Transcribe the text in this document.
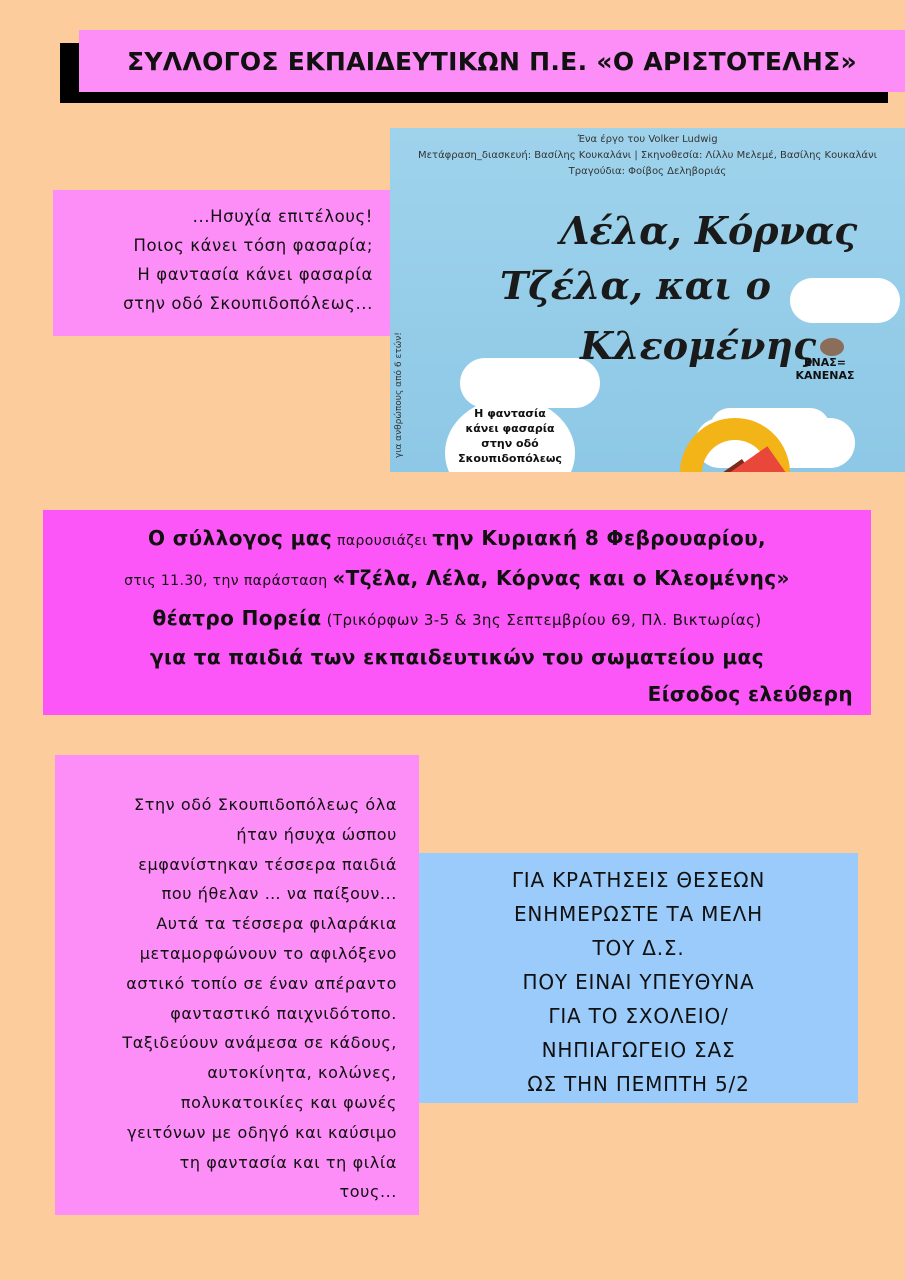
ΣΥΛΛΟΓΟΣ ΕΚΠΑΙΔΕΥΤΙΚΩΝ Π.Ε. «Ο ΑΡΙΣΤΟΤΕΛΗΣ»
...Ησυχία επιτέλους!
Ποιος κάνει τόση φασαρία;
Η φαντασία κάνει φασαρία
στην οδό Σκουπιδοπόλεως...
Ένα έργο του Volker Ludwig
Μετάφραση_διασκευή: Βασίλης Κουκαλάνι | Σκηνοθεσία: Λίλλυ Μελεμέ, Βασίλης Κουκαλάνι
Τραγούδια: Φοίβος Δεληβοριάς
Λέλα, Κόρνας
Τζέλα, και ο
Κλεομένης
ΕΝΑΣ= ΚΑΝΕΝΑΣ
για ανθρώπους από 6 ετών!	Η φαντασία
κάνει φασαρία
στην οδό
Σκουπιδοπόλεως
Ο σύλλογος μας παρουσιάζει την Κυριακή 8 Φεβρουαρίου,
στις 11.30, την παράσταση «Τζέλα, Λέλα, Κόρνας και ο Κλεομένης»
θέατρο Πορεία (Τρικόρφων 3-5 & 3ης Σεπτεμβρίου 69, Πλ. Βικτωρίας)
για τα παιδιά των εκπαιδευτικών του σωματείου μας
Είσοδος ελεύθερη
Στην οδό Σκουπιδοπόλεως όλα
ήταν ήσυχα ώσπου
εμφανίστηκαν τέσσερα παιδιά
που ήθελαν … να παίξουν...
Αυτά τα τέσσερα φιλαράκια
μεταμορφώνουν το αφιλόξενο
αστικό τοπίο σε έναν απέραντο
φανταστικό παιχνιδότοπο.
Ταξιδεύουν ανάμεσα σε κάδους,
αυτοκίνητα, κολώνες,
πολυκατοικίες και φωνές
γειτόνων με οδηγό και καύσιμο
τη φαντασία και τη φιλία
τους...
ΓΙΑ ΚΡΑΤΗΣΕΙΣ ΘΕΣΕΩΝ
ΕΝΗΜΕΡΩΣΤΕ ΤΑ ΜΕΛΗ
ΤΟΥ Δ.Σ.
ΠΟΥ ΕΙΝΑΙ ΥΠΕΥΘΥΝΑ
ΓΙΑ ΤΟ ΣΧΟΛΕΙΟ/
ΝΗΠΙΑΓΩΓΕΙΟ ΣΑΣ
ΩΣ ΤΗΝ ΠΕΜΠΤΗ 5/2
